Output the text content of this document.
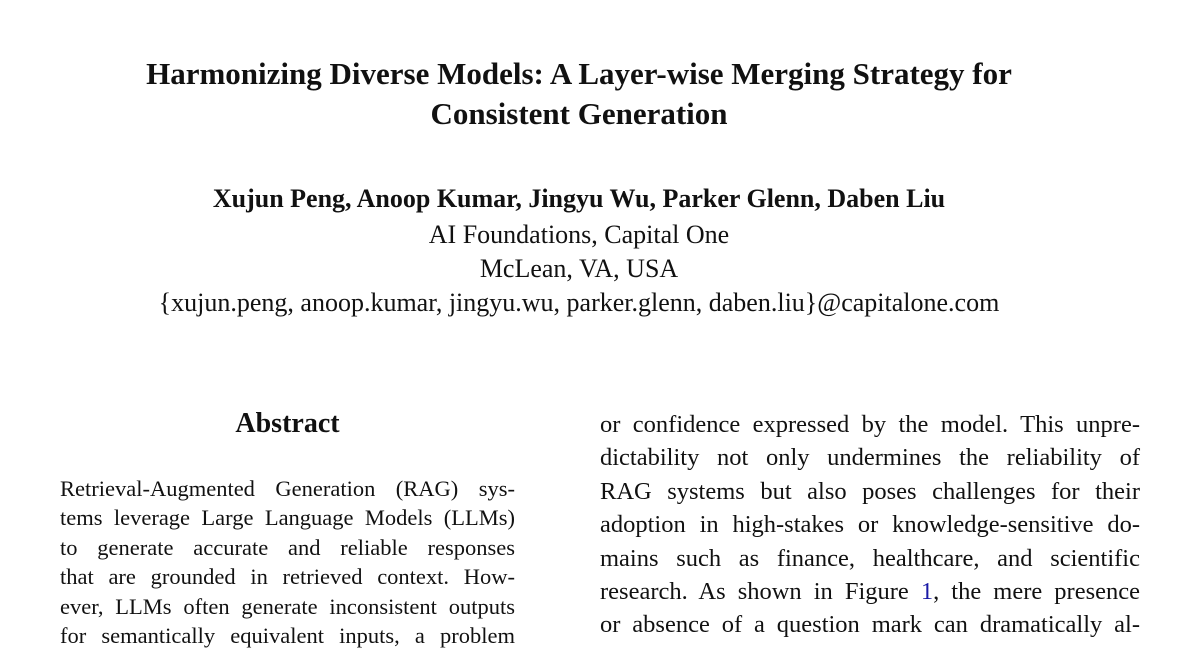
Harmonizing Diverse Models: A Layer-wise Merging Strategy for
Consistent Generation
Xujun Peng, Anoop Kumar, Jingyu Wu, Parker Glenn, Daben Liu
AI Foundations, Capital One
McLean, VA, USA
{xujun.peng, anoop.kumar, jingyu.wu, parker.glenn, daben.liu}@capitalone.com
Abstract
Retrieval-Augmented Generation (RAG) sys-
tems leverage Large Language Models (LLMs)
to generate accurate and reliable responses
that are grounded in retrieved context. How-
ever, LLMs often generate inconsistent outputs
for semantically equivalent inputs, a problem
or confidence expressed by the model. This unpre-
dictability not only undermines the reliability of
RAG systems but also poses challenges for their
adoption in high-stakes or knowledge-sensitive do-
mains such as finance, healthcare, and scientific
research. As shown in Figure 1, the mere presence
or absence of a question mark can dramatically al-
